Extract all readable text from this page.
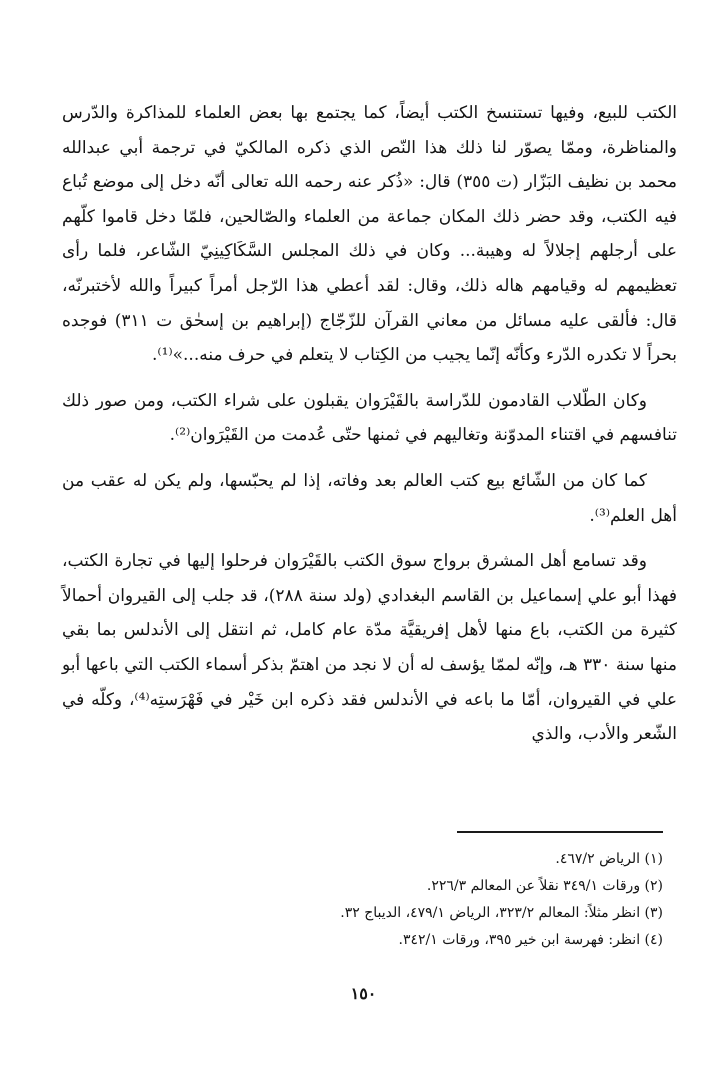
الكتب للبيع، وفيها تستنسخ الكتب أيضاً، كما يجتمع بها بعض العلماء للمذاكرة والدّرس والمناظرة، وممّا يصوّر لنا ذلك هذا النّص الذي ذكره المالكيّ في ترجمة أبي عبدالله محمد بن نظيف البَزّار (ت ٣٥٥) قال: «ذُكر عنه رحمه الله تعالى أنّه دخل إلى موضع تُباع فيه الكتب، وقد حضر ذلك المكان جماعة من العلماء والصّالحين، فلمّا دخل قاموا كلّهم على أرجلهم إجلالاً له وهيبة... وكان في ذلك المجلس السَّكَاكِينِيّ الشّاعر، فلما رأى تعظيمهم له وقيامهم هاله ذلك، وقال: لقد أعطي هذا الرّجل أمراً كبيراً والله لأختبرنّه، قال: فألقى عليه مسائل من معاني القرآن للزّجّاج (إبراهيم بن إسحٰق ت ٣١١) فوجده بحراً لا تكدره الدّرء وكأنّه إنّما يجيب من الكِتاب لا يتعلم في حرف منه...»⁽¹⁾.

وكان الطّلاب القادمون للدّراسة بالقَيْرَوان يقبلون على شراء الكتب، ومن صور ذلك تنافسهم في اقتناء المدوّنة وتغاليهم في ثمنها حتّى عُدمت من القَيْرَوان⁽²⁾.

كما كان من الشّائع بيع كتب العالم بعد وفاته، إذا لم يحبّسها، ولم يكن له عقب من أهل العلم⁽³⁾.

وقد تسامع أهل المشرق برواج سوق الكتب بالقَيْرَوان فرحلوا إليها في تجارة الكتب، فهذا أبو علي إسماعيل بن القاسم البغدادي (ولد سنة ٢٨٨)، قد جلب إلى القيروان أحمالاً كثيرة من الكتب، باع منها لأهل إفريقيَّة مدّة عام كامل، ثم انتقل إلى الأندلس بما بقي منها سنة ٣٣٠ هـ، وإنّه لممّا يؤسف له أن لا نجد من اهتمّ بذكر أسماء الكتب التي باعها أبو علي في القيروان، أمّا ما باعه في الأندلس فقد ذكره ابن خَيْر في فَهْرَستِه⁽⁴⁾، وكلّه في الشّعر والأدب، والذي

(١) الرياض ٤٦٧/٢.

(٢) ورقات ٣٤٩/١ نقلاً عن المعالم ٢٢٦/٣.

(٣) انظر مثلاً: المعالم ٣٢٣/٢، الرياض ٤٧٩/١، الديباج ٣٢.

(٤) انظر: فهرسة ابن خير ٣٩٥، ورقات ٣٤٢/١.

١٥٠
